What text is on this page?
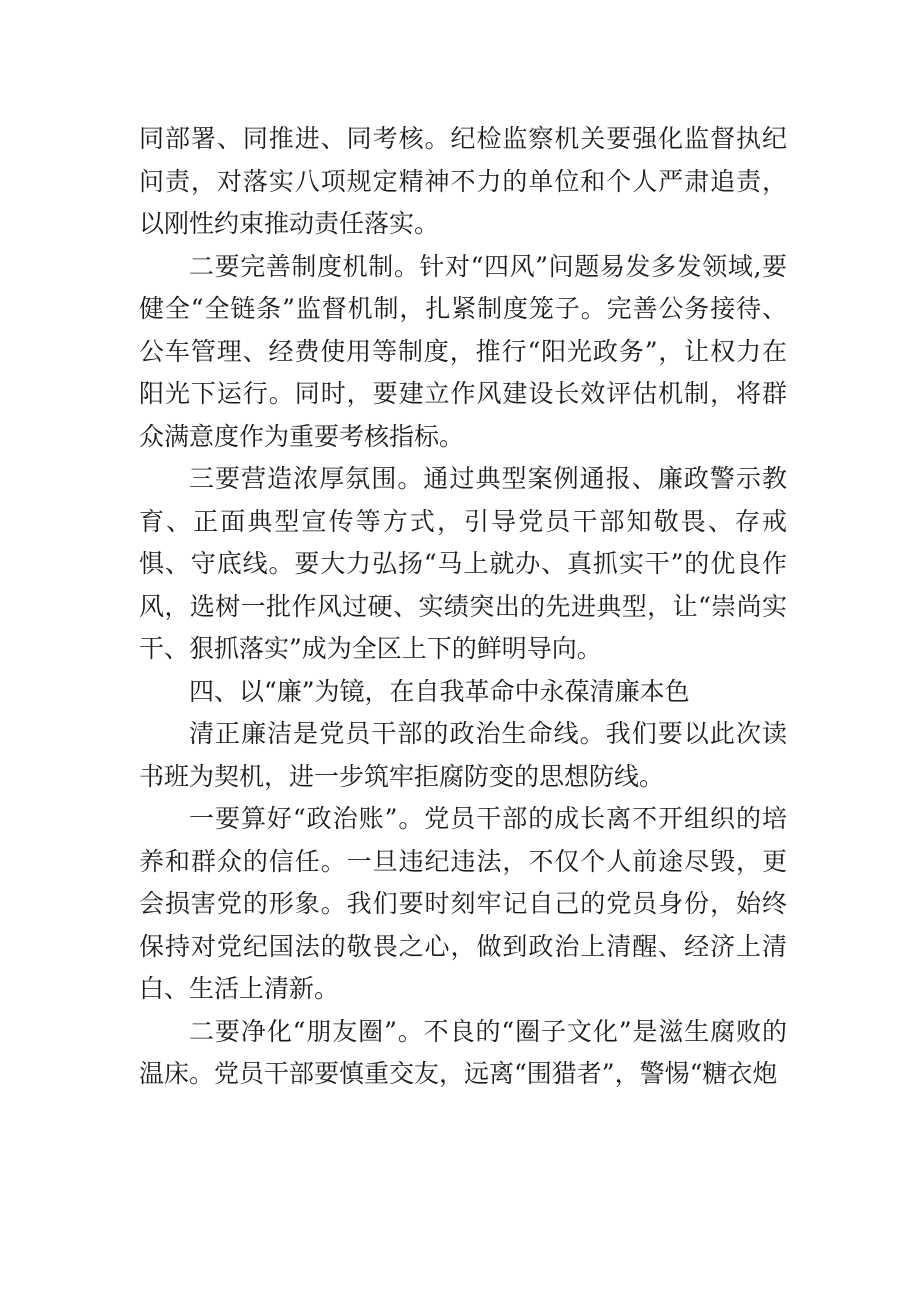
同部署、同推进、同考核。纪检监察机关要强化监督执纪问责，对落实八项规定精神不力的单位和个人严肃追责，以刚性约束推动责任落实。

二要完善制度机制。针对“四风”问题易发多发领域,要健全“全链条”监督机制，扎紧制度笼子。完善公务接待、公车管理、经费使用等制度，推行“阳光政务”，让权力在阳光下运行。同时，要建立作风建设长效评估机制，将群众满意度作为重要考核指标。

三要营造浓厚氛围。通过典型案例通报、廉政警示教育、正面典型宣传等方式，引导党员干部知敬畏、存戒惧、守底线。要大力弘扬“马上就办、真抓实干”的优良作风，选树一批作风过硬、实绩突出的先进典型，让“崇尚实干、狠抓落实”成为全区上下的鲜明导向。

四、以“廉”为镜，在自我革命中永葆清廉本色

清正廉洁是党员干部的政治生命线。我们要以此次读书班为契机，进一步筑牢拒腐防变的思想防线。

一要算好“政治账”。党员干部的成长离不开组织的培养和群众的信任。一旦违纪违法，不仅个人前途尽毁，更会损害党的形象。我们要时刻牢记自己的党员身份，始终保持对党纪国法的敬畏之心，做到政治上清醒、经济上清白、生活上清新。

二要净化“朋友圈”。不良的“圈子文化”是滋生腐败的温床。党员干部要慎重交友，远离“围猎者”，警惕“糖衣炮
